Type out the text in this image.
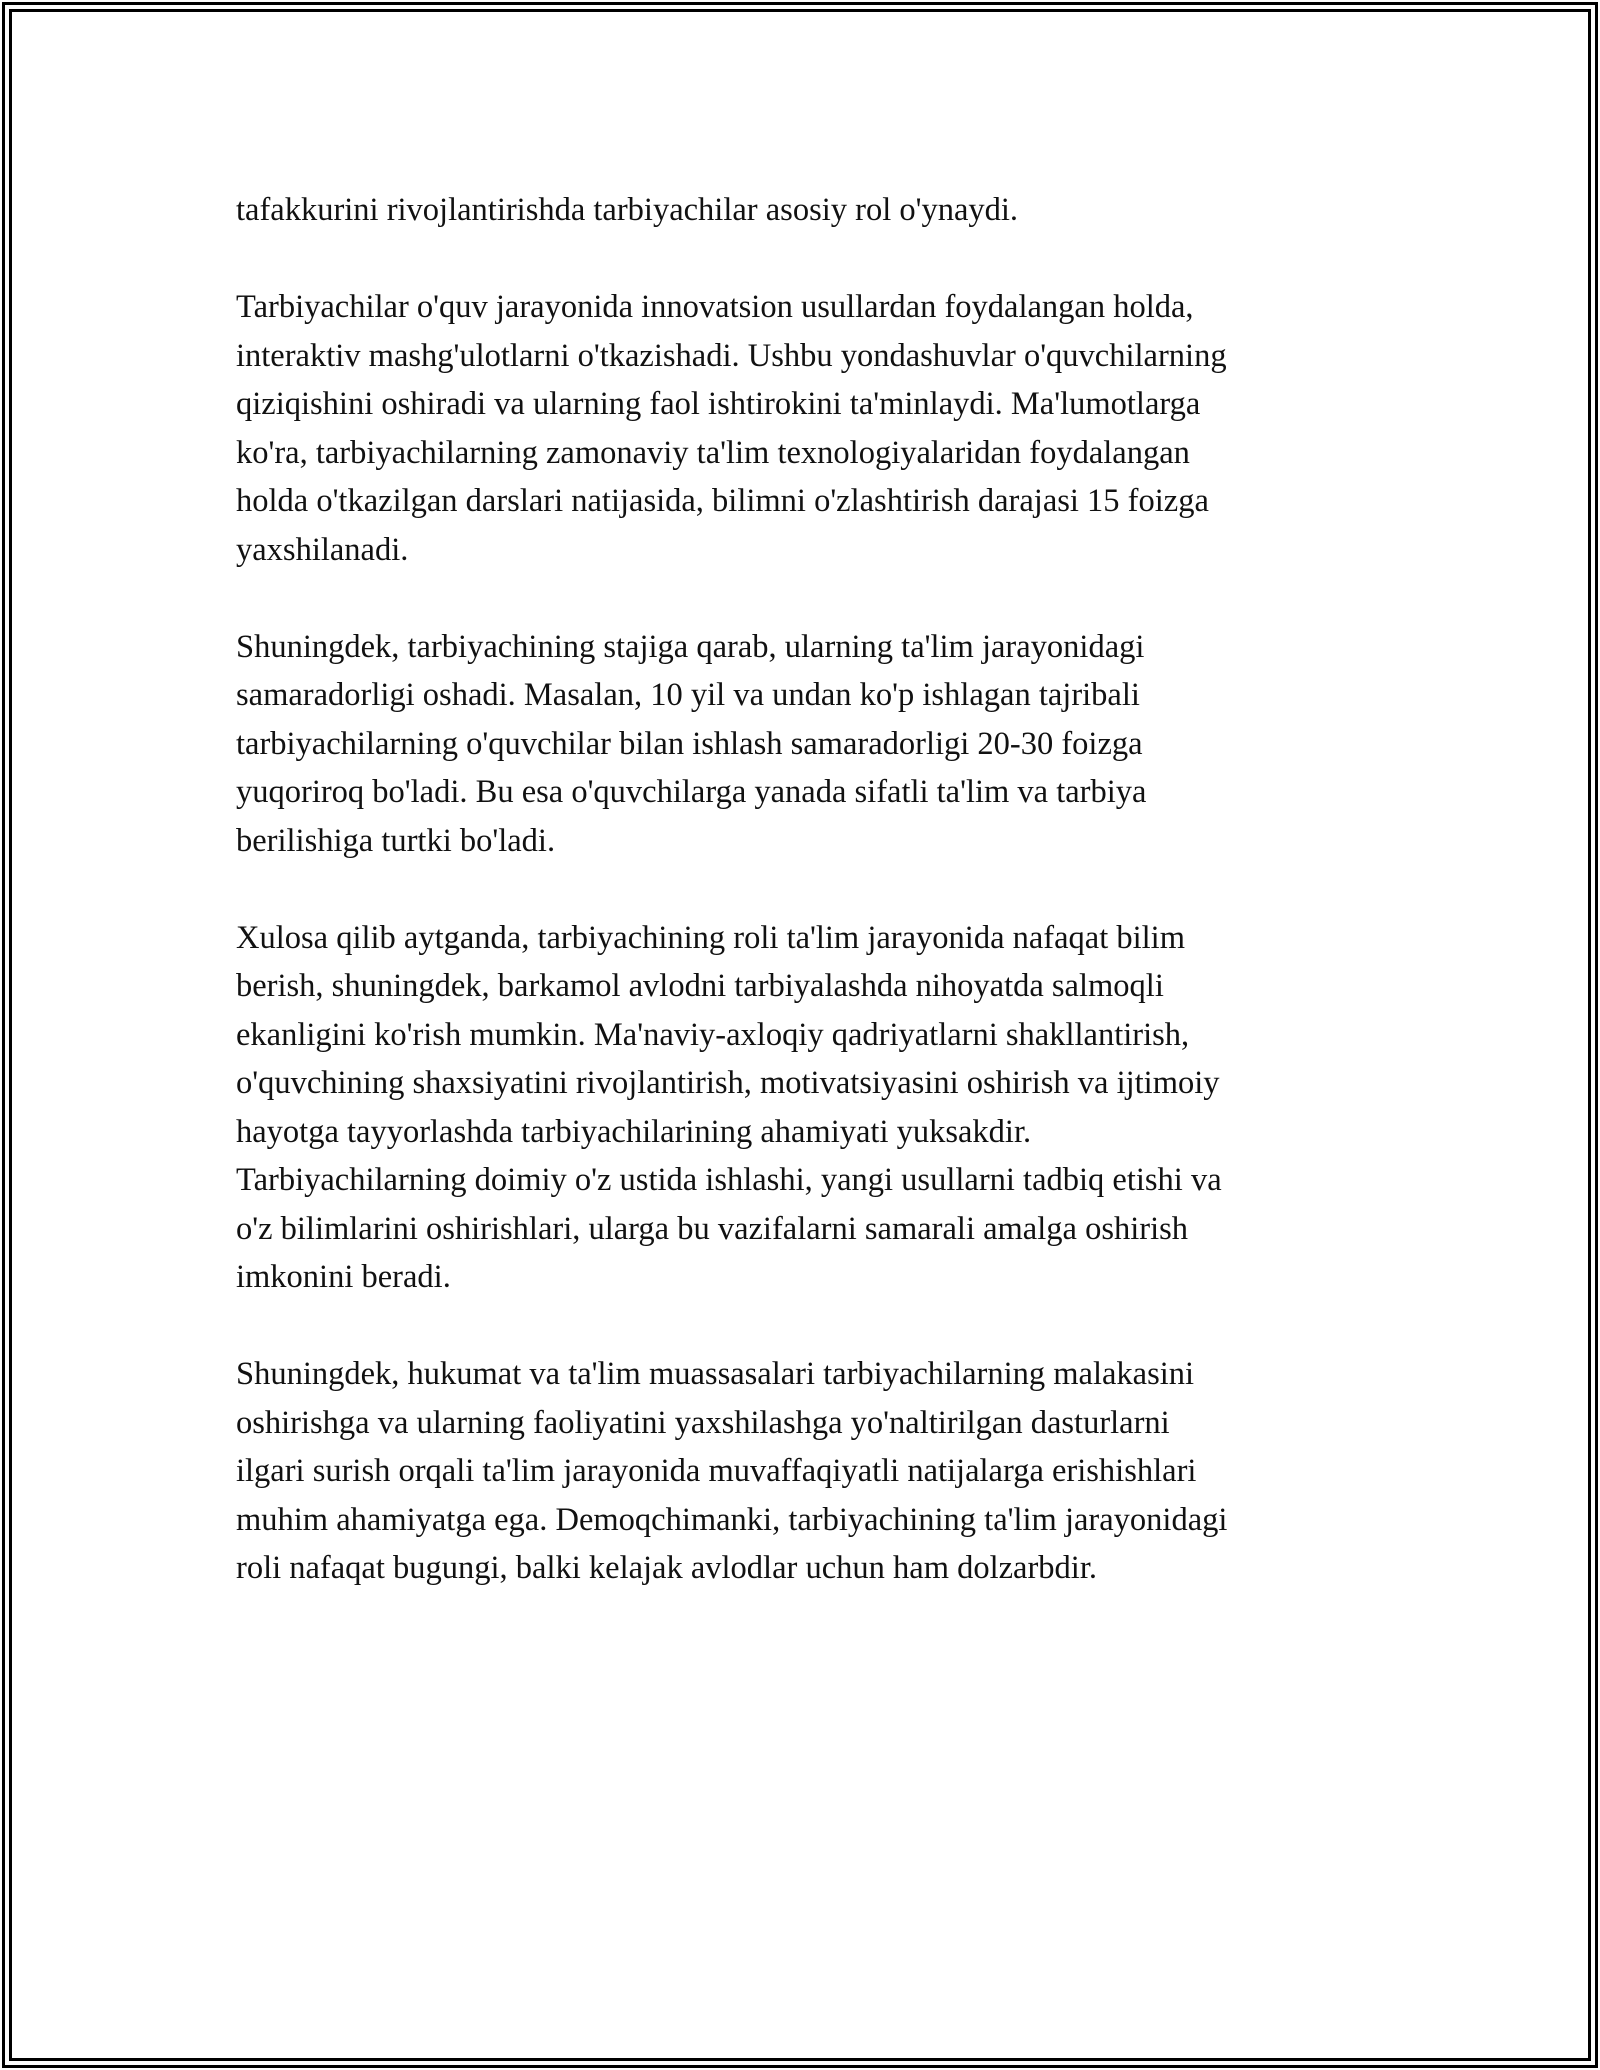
tafakkurini rivojlantirishda tarbiyachilar asosiy rol o'ynaydi.

Tarbiyachilar o'quv jarayonida innovatsion usullardan foydalangan holda,
interaktiv mashg'ulotlarni o'tkazishadi. Ushbu yondashuvlar o'quvchilarning
qiziqishini oshiradi va ularning faol ishtirokini ta'minlaydi. Ma'lumotlarga
ko'ra, tarbiyachilarning zamonaviy ta'lim texnologiyalaridan foydalangan
holda o'tkazilgan darslari natijasida, bilimni o'zlashtirish darajasi 15 foizga
yaxshilanadi.

Shuningdek, tarbiyachining stajiga qarab, ularning ta'lim jarayonidagi
samaradorligi oshadi. Masalan, 10 yil va undan ko'p ishlagan tajribali
tarbiyachilarning o'quvchilar bilan ishlash samaradorligi 20-30 foizga
yuqoriroq bo'ladi. Bu esa o'quvchilarga yanada sifatli ta'lim va tarbiya
berilishiga turtki bo'ladi.

Xulosa qilib aytganda, tarbiyachining roli ta'lim jarayonida nafaqat bilim
berish, shuningdek, barkamol avlodni tarbiyalashda nihoyatda salmoqli
ekanligini ko'rish mumkin. Ma'naviy-axloqiy qadriyatlarni shakllantirish,
o'quvchining shaxsiyatini rivojlantirish, motivatsiyasini oshirish va ijtimoiy
hayotga tayyorlashda tarbiyachilarining ahamiyati yuksakdir.
Tarbiyachilarning doimiy o'z ustida ishlashi, yangi usullarni tadbiq etishi va
o'z bilimlarini oshirishlari, ularga bu vazifalarni samarali amalga oshirish
imkonini beradi.

Shuningdek, hukumat va ta'lim muassasalari tarbiyachilarning malakasini
oshirishga va ularning faoliyatini yaxshilashga yo'naltirilgan dasturlarni
ilgari surish orqali ta'lim jarayonida muvaffaqiyatli natijalarga erishishlari
muhim ahamiyatga ega. Demoqchimanki, tarbiyachining ta'lim jarayonidagi
roli nafaqat bugungi, balki kelajak avlodlar uchun ham dolzarbdir.
